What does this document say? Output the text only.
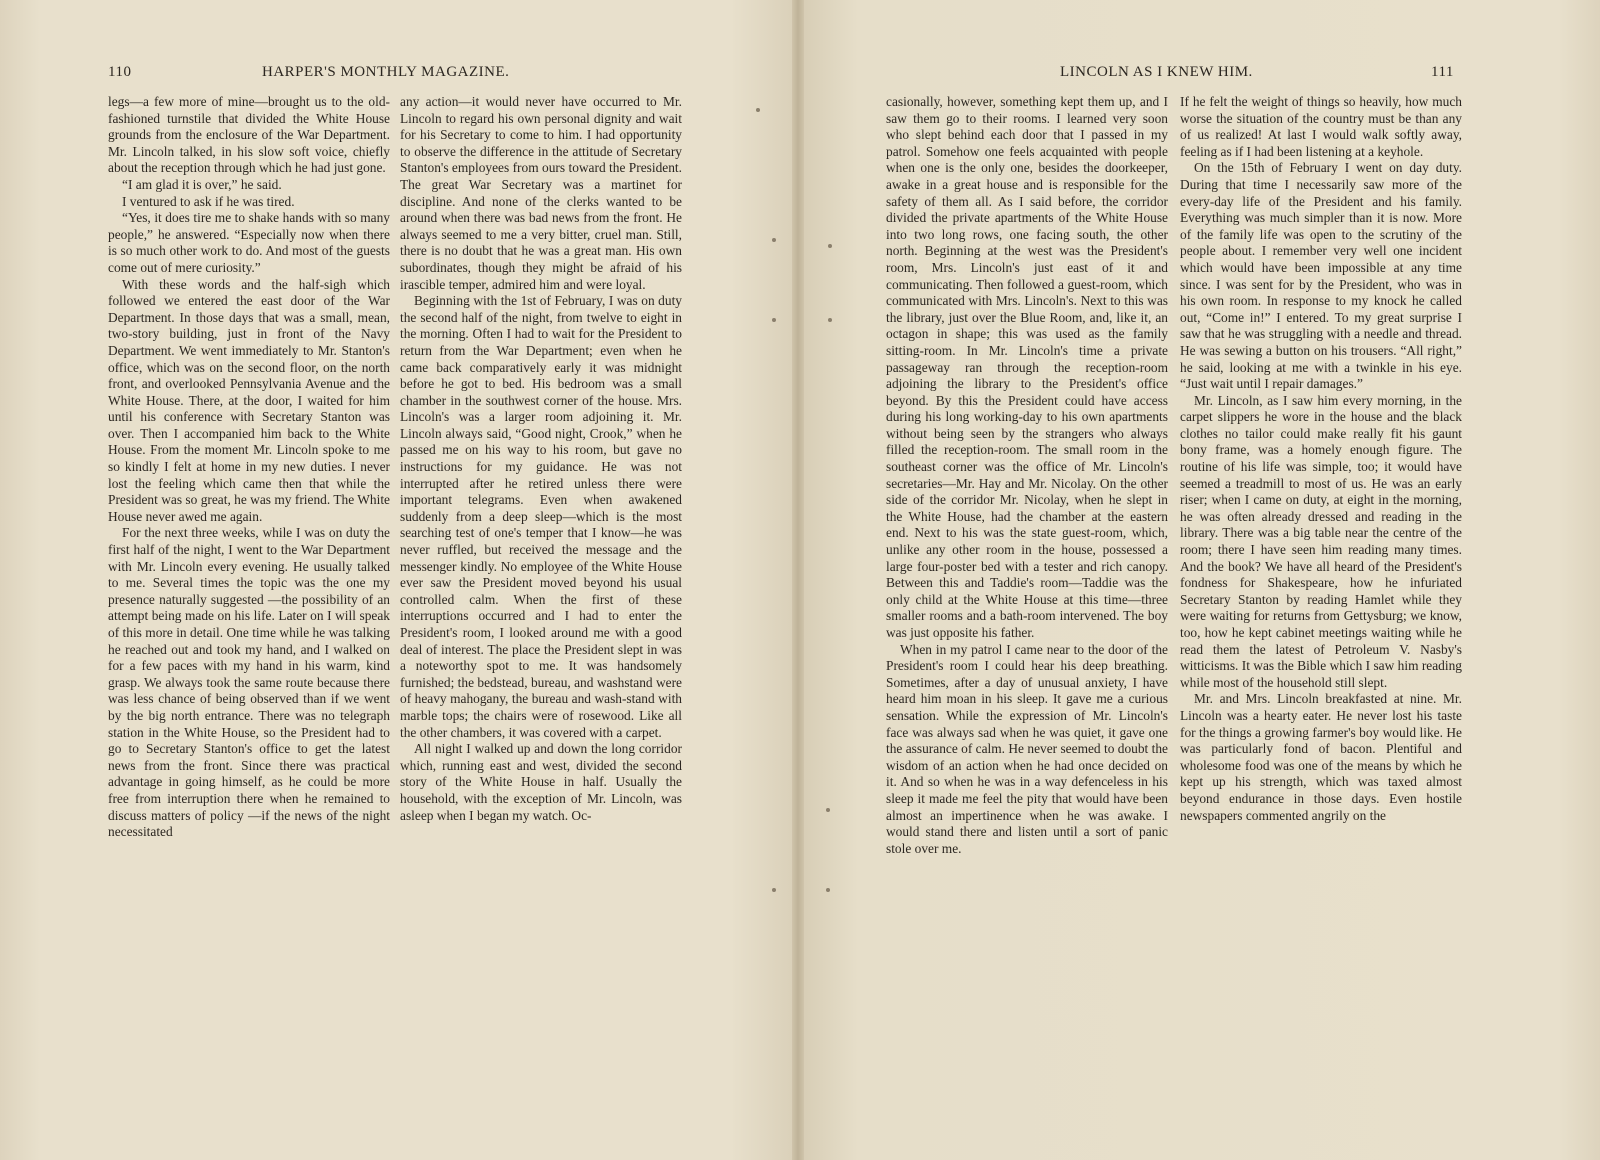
110	HARPER'S MONTHLY MAGAZINE.

legs—a few more of mine—brought us to the old-fashioned turnstile that divided the White House grounds from the enclosure of the War Department. Mr. Lincoln talked, in his slow soft voice, chiefly about the reception through which he had just gone.

“I am glad it is over,” he said.

I ventured to ask if he was tired.

“Yes, it does tire me to shake hands with so many people,” he answered. “Especially now when there is so much other work to do. And most of the guests come out of mere curiosity.”

With these words and the half-sigh which followed we entered the east door of the War Department. In those days that was a small, mean, two-story building, just in front of the Navy Department. We went immediately to Mr. Stanton's office, which was on the second floor, on the north front, and overlooked Pennsylvania Avenue and the White House. There, at the door, I waited for him until his conference with Secretary Stanton was over. Then I accompanied him back to the White House. From the moment Mr. Lincoln spoke to me so kindly I felt at home in my new duties. I never lost the feeling which came then that while the President was so great, he was my friend. The White House never awed me again.

For the next three weeks, while I was on duty the first half of the night, I went to the War Department with Mr. Lincoln every evening. He usually talked to me. Several times the topic was the one my presence naturally suggested —the possibility of an attempt being made on his life. Later on I will speak of this more in detail. One time while he was talking he reached out and took my hand, and I walked on for a few paces with my hand in his warm, kind grasp. We always took the same route because there was less chance of being observed than if we went by the big north entrance. There was no telegraph station in the White House, so the President had to go to Secretary Stanton's office to get the latest news from the front. Since there was practical advantage in going himself, as he could be more free from interruption there when he remained to discuss matters of policy —if the news of the night necessitated

any action—it would never have occurred to Mr. Lincoln to regard his own personal dignity and wait for his Secretary to come to him. I had opportunity to observe the difference in the attitude of Secretary Stanton's employees from ours toward the President. The great War Secretary was a martinet for discipline. And none of the clerks wanted to be around when there was bad news from the front. He always seemed to me a very bitter, cruel man. Still, there is no doubt that he was a great man. His own subordinates, though they might be afraid of his irascible temper, admired him and were loyal.

Beginning with the 1st of February, I was on duty the second half of the night, from twelve to eight in the morning. Often I had to wait for the President to return from the War Department; even when he came back comparatively early it was midnight before he got to bed. His bedroom was a small chamber in the southwest corner of the house. Mrs. Lincoln's was a larger room adjoining it. Mr. Lincoln always said, “Good night, Crook,” when he passed me on his way to his room, but gave no instructions for my guidance. He was not interrupted after he retired unless there were important telegrams. Even when awakened suddenly from a deep sleep—which is the most searching test of one's temper that I know—he was never ruffled, but received the message and the messenger kindly. No employee of the White House ever saw the President moved beyond his usual controlled calm. When the first of these interruptions occurred and I had to enter the President's room, I looked around me with a good deal of interest. The place the President slept in was a noteworthy spot to me. It was handsomely furnished; the bedstead, bureau, and washstand were of heavy mahogany, the bureau and wash-stand with marble tops; the chairs were of rosewood. Like all the other chambers, it was covered with a carpet.

All night I walked up and down the long corridor which, running east and west, divided the second story of the White House in half. Usually the household, with the exception of Mr. Lincoln, was asleep when I began my watch. Oc-

LINCOLN AS I KNEW HIM.	111

casionally, however, something kept them up, and I saw them go to their rooms. I learned very soon who slept behind each door that I passed in my patrol. Somehow one feels acquainted with people when one is the only one, besides the doorkeeper, awake in a great house and is responsible for the safety of them all. As I said before, the corridor divided the private apartments of the White House into two long rows, one facing south, the other north. Beginning at the west was the President's room, Mrs. Lincoln's just east of it and communicating. Then followed a guest-room, which communicated with Mrs. Lincoln's. Next to this was the library, just over the Blue Room, and, like it, an octagon in shape; this was used as the family sitting-room. In Mr. Lincoln's time a private passageway ran through the reception-room adjoining the library to the President's office beyond. By this the President could have access during his long working-day to his own apartments without being seen by the strangers who always filled the reception-room. The small room in the southeast corner was the office of Mr. Lincoln's secretaries—Mr. Hay and Mr. Nicolay. On the other side of the corridor Mr. Nicolay, when he slept in the White House, had the chamber at the eastern end. Next to his was the state guest-room, which, unlike any other room in the house, possessed a large four-poster bed with a tester and rich canopy. Between this and Taddie's room—Taddie was the only child at the White House at this time—three smaller rooms and a bath-room intervened. The boy was just opposite his father.

When in my patrol I came near to the door of the President's room I could hear his deep breathing. Sometimes, after a day of unusual anxiety, I have heard him moan in his sleep. It gave me a curious sensation. While the expression of Mr. Lincoln's face was always sad when he was quiet, it gave one the assurance of calm. He never seemed to doubt the wisdom of an action when he had once decided on it. And so when he was in a way defenceless in his sleep it made me feel the pity that would have been almost an impertinence when he was awake. I would stand there and listen until a sort of panic stole over me.

If he felt the weight of things so heavily, how much worse the situation of the country must be than any of us realized! At last I would walk softly away, feeling as if I had been listening at a keyhole.

On the 15th of February I went on day duty. During that time I necessarily saw more of the every-day life of the President and his family. Everything was much simpler than it is now. More of the family life was open to the scrutiny of the people about. I remember very well one incident which would have been impossible at any time since. I was sent for by the President, who was in his own room. In response to my knock he called out, “Come in!” I entered. To my great surprise I saw that he was struggling with a needle and thread. He was sewing a button on his trousers. “All right,” he said, looking at me with a twinkle in his eye. “Just wait until I repair damages.”

Mr. Lincoln, as I saw him every morning, in the carpet slippers he wore in the house and the black clothes no tailor could make really fit his gaunt bony frame, was a homely enough figure. The routine of his life was simple, too; it would have seemed a treadmill to most of us. He was an early riser; when I came on duty, at eight in the morning, he was often already dressed and reading in the library. There was a big table near the centre of the room; there I have seen him reading many times. And the book? We have all heard of the President's fondness for Shakespeare, how he infuriated Secretary Stanton by reading Hamlet while they were waiting for returns from Gettysburg; we know, too, how he kept cabinet meetings waiting while he read them the latest of Petroleum V. Nasby's witticisms. It was the Bible which I saw him reading while most of the household still slept.

Mr. and Mrs. Lincoln breakfasted at nine. Mr. Lincoln was a hearty eater. He never lost his taste for the things a growing farmer's boy would like. He was particularly fond of bacon. Plentiful and wholesome food was one of the means by which he kept up his strength, which was taxed almost beyond endurance in those days. Even hostile newspapers commented angrily on the
